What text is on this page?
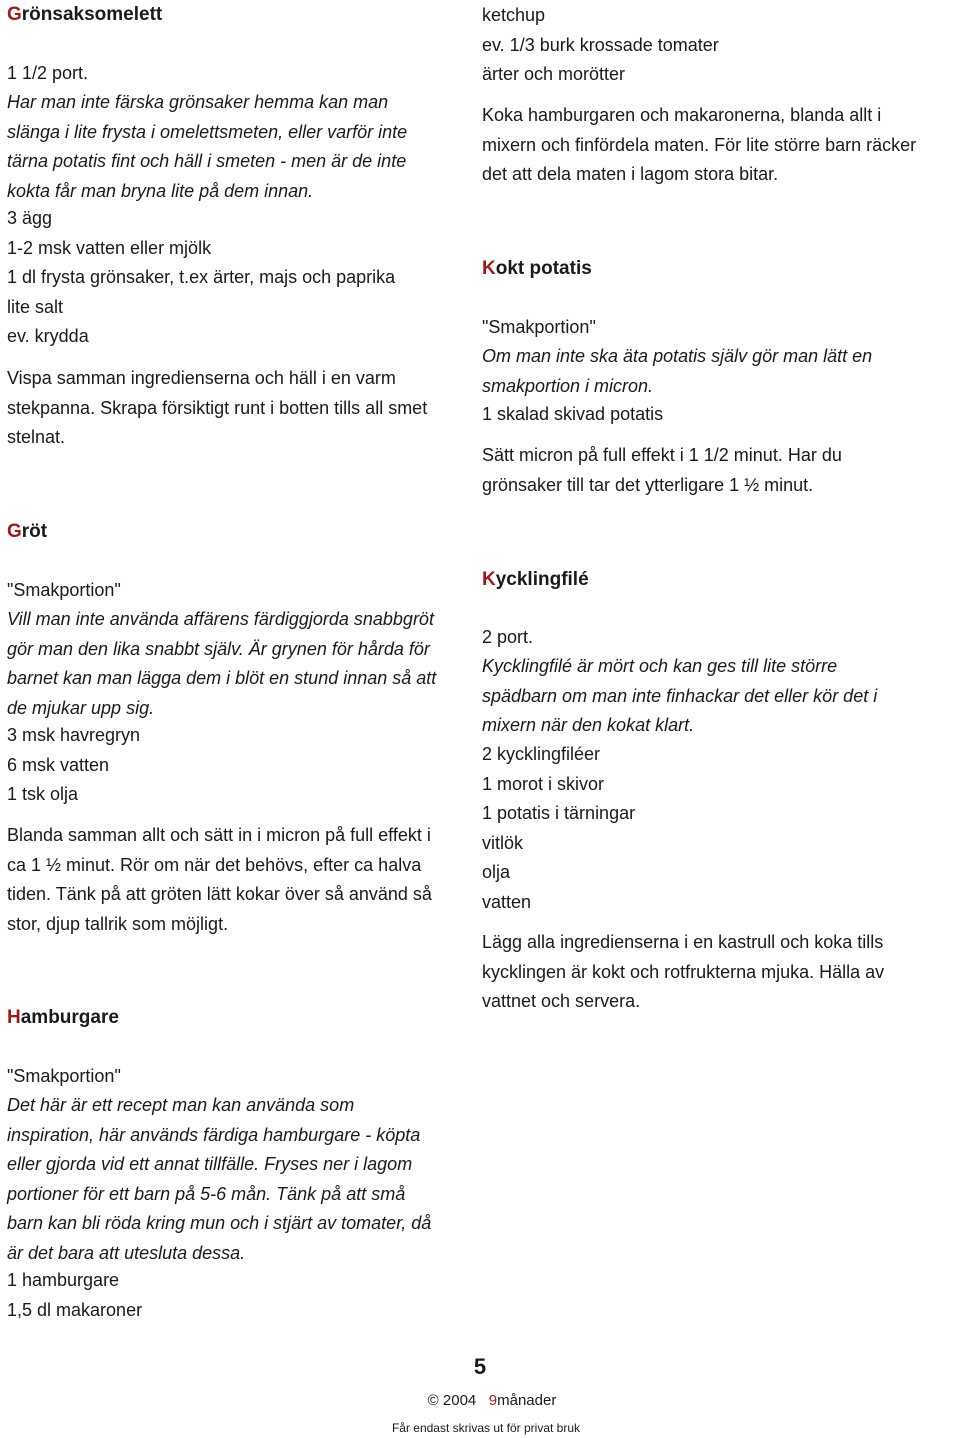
Grönsaksomelett
1 1/2 port.
Har man inte färska grönsaker hemma kan man
slänga i lite frysta i omelettsmeten, eller varför inte
tärna potatis fint och häll i smeten - men är de inte
kokta får man bryna lite på dem innan.
3 ägg
1-2 msk vatten eller mjölk
1 dl frysta grönsaker, t.ex ärter, majs och paprika
lite salt
ev. krydda
Vispa samman ingredienserna och häll i en varm
stekpanna. Skrapa försiktigt runt i botten tills all smet
stelnat.
Gröt
"Smakportion"
Vill man inte använda affärens färdiggjorda snabbgröt
gör man den lika snabbt själv. Är grynen för hårda för
barnet kan man lägga dem i blöt en stund innan så att
de mjukar upp sig.
3 msk havregryn
6 msk vatten
1 tsk olja
Blanda samman allt och sätt in i micron på full effekt i
ca 1 ½ minut. Rör om när det behövs, efter ca halva
tiden. Tänk på att gröten lätt kokar över så använd så
stor, djup tallrik som möjligt.
Hamburgare
"Smakportion"
Det här är ett recept man kan använda som
inspiration, här används färdiga hamburgare - köpta
eller gjorda vid ett annat tillfälle. Fryses ner i lagom
portioner för ett barn på 5-6 mån. Tänk på att små
barn kan bli röda kring mun och i stjärt av tomater, då
är det bara att utesluta dessa.
1 hamburgare
1,5 dl makaroner
ketchup
ev. 1/3 burk krossade tomater
ärter och morötter
Koka hamburgaren och makaronerna, blanda allt i
mixern och finfördela maten. För lite större barn räcker
det att dela maten i lagom stora bitar.
Kokt potatis
"Smakportion"
Om man inte ska äta potatis själv gör man lätt en
smakportion i micron.
1 skalad skivad potatis
Sätt micron på full effekt i 1 1/2 minut. Har du
grönsaker till tar det ytterligare 1 ½ minut.
Kycklingfilé
2 port.
Kycklingfilé är mört och kan ges till lite större
spädbarn om man inte finhackar det eller kör det i
mixern när den kokat klart.
2 kycklingfiléer
1 morot i skivor
1 potatis i tärningar
vitlök
olja
vatten
Lägg alla ingredienserna i en kastrull och koka tills
kycklingen är kokt och rotfrukterna mjuka. Hälla av
vattnet och servera.
5
© 2004 9månader
Får endast skrivas ut för privat bruk
